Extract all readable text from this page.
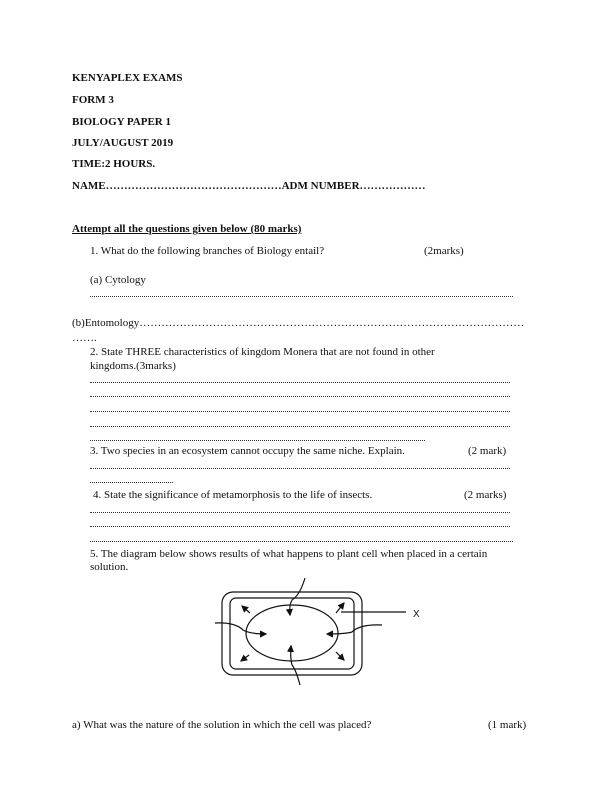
KENYAPLEX EXAMS
FORM 3
BIOLOGY PAPER 1
JULY/AUGUST 2019
TIME:2 HOURS.
NAME…………………………………………ADM NUMBER………………
Attempt all the questions given below (80 marks)
1. What do the following branches of Biology entail?	(2marks)
(a) Cytology
(b)Entomology……………………………………………………………………………………………
…….
2. State THREE characteristics of kingdom Monera that are not found in other
kingdoms.(3marks)
3. Two species in an ecosystem cannot occupy the same niche. Explain.	(2 mark)
4. State the significance of metamorphosis to the life of insects.	(2 marks)
5. The diagram below shows results of what happens to plant cell when placed in a certain
solution.
X
a) What was the nature of the solution in which the cell was placed?	(1 mark)
